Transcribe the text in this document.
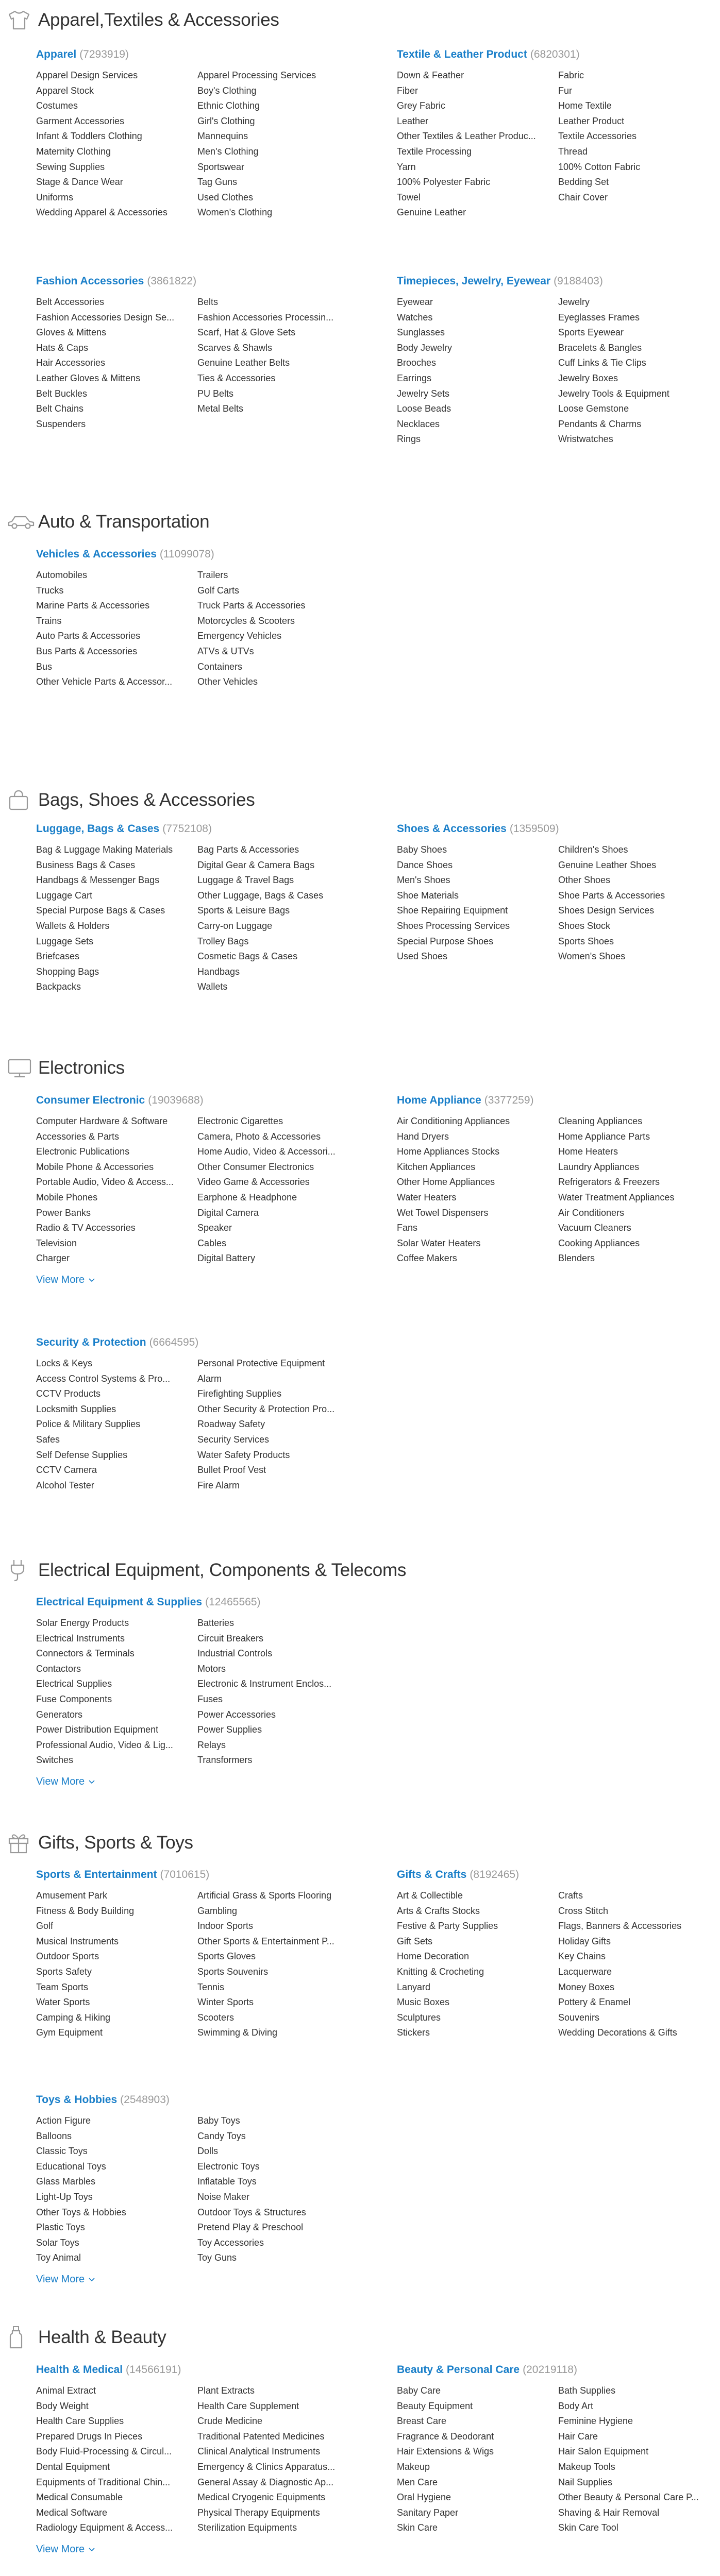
Apparel,Textiles & Accessories
Apparel (7293919)
Apparel Design Services	Apparel Processing Services
Apparel Stock	Boy's Clothing
Costumes	Ethnic Clothing
Garment Accessories	Girl's Clothing
Infant & Toddlers Clothing	Mannequins
Maternity Clothing	Men's Clothing
Sewing Supplies	Sportswear
Stage & Dance Wear	Tag Guns
Uniforms	Used Clothes
Wedding Apparel & Accessories	Women's Clothing
Textile & Leather Product (6820301)
Down & Feather	Fabric
Fiber	Fur
Grey Fabric	Home Textile
Leather	Leather Product
Other Textiles & Leather Produc...	Textile Accessories
Textile Processing	Thread
Yarn	100% Cotton Fabric
100% Polyester Fabric	Bedding Set
Towel	Chair Cover
Genuine Leather
Fashion Accessories (3861822)
Belt Accessories	Belts
Fashion Accessories Design Se...	Fashion Accessories Processin...
Gloves & Mittens	Scarf, Hat & Glove Sets
Hats & Caps	Scarves & Shawls
Hair Accessories	Genuine Leather Belts
Leather Gloves & Mittens	Ties & Accessories
Belt Buckles	PU Belts
Belt Chains	Metal Belts
Suspenders
Timepieces, Jewelry, Eyewear (9188403)
Eyewear	Jewelry
Watches	Eyeglasses Frames
Sunglasses	Sports Eyewear
Body Jewelry	Bracelets & Bangles
Brooches	Cuff Links & Tie Clips
Earrings	Jewelry Boxes
Jewelry Sets	Jewelry Tools & Equipment
Loose Beads	Loose Gemstone
Necklaces	Pendants & Charms
Rings	Wristwatches
Auto & Transportation
Vehicles & Accessories (11099078)
Automobiles	Trailers
Trucks	Golf Carts
Marine Parts & Accessories	Truck Parts & Accessories
Trains	Motorcycles & Scooters
Auto Parts & Accessories	Emergency Vehicles
Bus Parts & Accessories	ATVs & UTVs
Bus	Containers
Other Vehicle Parts & Accessor...	Other Vehicles
Bags, Shoes & Accessories
Luggage, Bags & Cases (7752108)
Bag & Luggage Making Materials	Bag Parts & Accessories
Business Bags & Cases	Digital Gear & Camera Bags
Handbags & Messenger Bags	Luggage & Travel Bags
Luggage Cart	Other Luggage, Bags & Cases
Special Purpose Bags & Cases	Sports & Leisure Bags
Wallets & Holders	Carry-on Luggage
Luggage Sets	Trolley Bags
Briefcases	Cosmetic Bags & Cases
Shopping Bags	Handbags
Backpacks	Wallets
Shoes & Accessories (1359509)
Baby Shoes	Children's Shoes
Dance Shoes	Genuine Leather Shoes
Men's Shoes	Other Shoes
Shoe Materials	Shoe Parts & Accessories
Shoe Repairing Equipment	Shoes Design Services
Shoes Processing Services	Shoes Stock
Special Purpose Shoes	Sports Shoes
Used Shoes	Women's Shoes
Electronics
Consumer Electronic (19039688)
Computer Hardware & Software	Electronic Cigarettes
Accessories & Parts	Camera, Photo & Accessories
Electronic Publications	Home Audio, Video & Accessori...
Mobile Phone & Accessories	Other Consumer Electronics
Portable Audio, Video & Access...	Video Game & Accessories
Mobile Phones	Earphone & Headphone
Power Banks	Digital Camera
Radio & TV Accessories	Speaker
Television	Cables
Charger	Digital Battery
View More
Home Appliance (3377259)
Air Conditioning Appliances	Cleaning Appliances
Hand Dryers	Home Appliance Parts
Home Appliances Stocks	Home Heaters
Kitchen Appliances	Laundry Appliances
Other Home Appliances	Refrigerators & Freezers
Water Heaters	Water Treatment Appliances
Wet Towel Dispensers	Air Conditioners
Fans	Vacuum Cleaners
Solar Water Heaters	Cooking Appliances
Coffee Makers	Blenders
Security & Protection (6664595)
Locks & Keys	Personal Protective Equipment
Access Control Systems & Pro...	Alarm
CCTV Products	Firefighting Supplies
Locksmith Supplies	Other Security & Protection Pro...
Police & Military Supplies	Roadway Safety
Safes	Security Services
Self Defense Supplies	Water Safety Products
CCTV Camera	Bullet Proof Vest
Alcohol Tester	Fire Alarm
Electrical Equipment, Components & Telecoms
Electrical Equipment & Supplies (12465565)
Solar Energy Products	Batteries
Electrical Instruments	Circuit Breakers
Connectors & Terminals	Industrial Controls
Contactors	Motors
Electrical Supplies	Electronic & Instrument Enclos...
Fuse Components	Fuses
Generators	Power Accessories
Power Distribution Equipment	Power Supplies
Professional Audio, Video & Lig...	Relays
Switches	Transformers
View More
Gifts, Sports & Toys
Sports & Entertainment (7010615)
Amusement Park	Artificial Grass & Sports Flooring
Fitness & Body Building	Gambling
Golf	Indoor Sports
Musical Instruments	Other Sports & Entertainment P...
Outdoor Sports	Sports Gloves
Sports Safety	Sports Souvenirs
Team Sports	Tennis
Water Sports	Winter Sports
Camping & Hiking	Scooters
Gym Equipment	Swimming & Diving
Gifts & Crafts (8192465)
Art & Collectible	Crafts
Arts & Crafts Stocks	Cross Stitch
Festive & Party Supplies	Flags, Banners & Accessories
Gift Sets	Holiday Gifts
Home Decoration	Key Chains
Knitting & Crocheting	Lacquerware
Lanyard	Money Boxes
Music Boxes	Pottery & Enamel
Sculptures	Souvenirs
Stickers	Wedding Decorations & Gifts
Toys & Hobbies (2548903)
Action Figure	Baby Toys
Balloons	Candy Toys
Classic Toys	Dolls
Educational Toys	Electronic Toys
Glass Marbles	Inflatable Toys
Light-Up Toys	Noise Maker
Other Toys & Hobbies	Outdoor Toys & Structures
Plastic Toys	Pretend Play & Preschool
Solar Toys	Toy Accessories
Toy Animal	Toy Guns
View More
Health & Beauty
Health & Medical (14566191)
Animal Extract	Plant Extracts
Body Weight	Health Care Supplement
Health Care Supplies	Crude Medicine
Prepared Drugs In Pieces	Traditional Patented Medicines
Body Fluid-Processing & Circul...	Clinical Analytical Instruments
Dental Equipment	Emergency & Clinics Apparatus...
Equipments of Traditional Chin...	General Assay & Diagnostic Ap...
Medical Consumable	Medical Cryogenic Equipments
Medical Software	Physical Therapy Equipments
Radiology Equipment & Access...	Sterilization Equipments
View More
Beauty & Personal Care (20219118)
Baby Care	Bath Supplies
Beauty Equipment	Body Art
Breast Care	Feminine Hygiene
Fragrance & Deodorant	Hair Care
Hair Extensions & Wigs	Hair Salon Equipment
Makeup	Makeup Tools
Men Care	Nail Supplies
Oral Hygiene	Other Beauty & Personal Care P...
Sanitary Paper	Shaving & Hair Removal
Skin Care	Skin Care Tool
